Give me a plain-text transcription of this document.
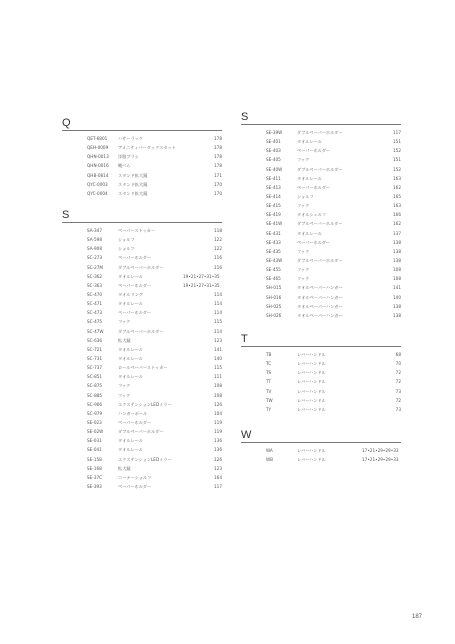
Q
QET-6801	ハサーラック	178
QEH-0009	アメニティバーダックスセット	178
QHN-0013	洋服ブラシ	178
QHN-0016	靴べら	178
QHB-0814	スタンド拡大鏡	171
QYC-0003	スタンド拡大鏡	170
QYC-0004	スタンド拡大鏡	170
S
SA-347	ペーパーストッカー	118
SA-598	ショルフ	122
SA-908	ショルフ	122
SC-273	ペーパーホルダー	116
SC-27M	ダブルペーパーホルダー	116
SC-362	タオルレール	19•21•27•31•35
SC-363	ペーパーホルダー	19•21•27•31•35
SC-470	タオルリング	114
SC-471	タオルレール	114
SC-473	ペーパーホルダー	114
SC-475	フック	115
SC-47W	ダブルペーパーホルダー	114
SC-636	拡大鏡	123
SC-721	タオルレール	141
SC-731	タオルレール	140
SC-737	ロールペーパーストッカー	115
SC-851	タオルレール	111
SC-875	フック	108
SC-885	フック	108
SC-906	エクステンションLEDミラー	126
SC-979	ハンガーポール	104
SE-023	ペーパーホルダー	119
SE-02W	ダブルペーパーホルダー	119
SE-031	タオルレール	136
SE-041	タオルレール	136
SE-158	エクステンションLEDミラー	126
SE-168	拡大鏡	123
SE-37C	コーナーショルフ	164
SE-393	ペーパーホルダー	117
S
SE-39W	ダブルペーパーホルダー	117
SE-401	タオルレール	151
SE-403	ペーパーホルダー	152
SE-405	フック	151
SE-40W	ダブルペーパーホルダー	152
SE-411	タオルレール	163
SE-413	ペーパーホルダー	162
SE-414	ショルフ	165
SE-415	フック	163
SE-419	タオルシェルフ	166
SE-41W	ダブルペーパーホルダー	162
SE-431	タオルレール	137
SE-433	ペーパーホルダー	138
SE-435	フック	138
SE-43W	ダブルペーパーホルダー	138
SE-455	フック	108
SE-465	フック	108
SH-015	タオルペーパーハンガー	141
SH-016	タオルペーパーハンガー	140
SH-025	タオルペーパーハンガー	138
SH-026	タオルペーパーハンガー	138
T
TB	レバーハンドル	68
TC	レバーハンドル	70
TS	レバーハンドル	72
TT	レバーハンドル	72
TV	レバーハンドル	73
TW	レバーハンドル	72
TY	レバーハンドル	73
W
WA	レバーハンドル	17•21•29•29•33
WB	レバーハンドル	17•21•29•29•33
187
